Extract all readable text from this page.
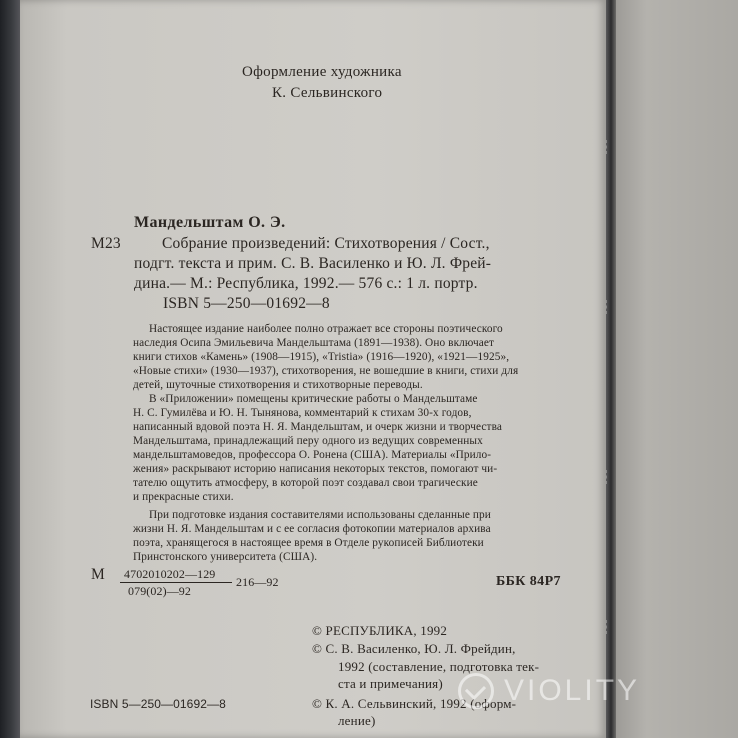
Оформление художника
К. Сельвинского
Мандельштам О. Э.
М23	Собрание произведений: Стихотворения / Сост.,
подгт. текста и прим. С. В. Василенко и Ю. Л. Фрей-
дина.— М.: Республика, 1992.— 576 с.: 1 л. портр.
ISBN 5—250—01692—8
Настоящее издание наиболее полно отражает все стороны поэтического
наследия Осипа Эмильевича Мандельштама (1891—1938). Оно включает
книги стихов «Камень» (1908—1915), «Tristia» (1916—1920), «1921—1925»,
«Новые стихи» (1930—1937), стихотворения, не вошедшие в книги, стихи для
детей, шуточные стихотворения и стихотворные переводы.
В «Приложении» помещены критические работы о Мандельштаме
Н. С. Гумилёва и Ю. Н. Тынянова, комментарий к стихам 30-х годов,
написанный вдовой поэта Н. Я. Мандельштам, и очерк жизни и творчества
Мандельштама, принадлежащий перу одного из ведущих современных
мандельштамоведов, профессора О. Ронена (США). Материалы «Прило-
жения» раскрывают историю написания некоторых текстов, помогают чи-
тателю ощутить атмосферу, в которой поэт создавал свои трагические
и прекрасные стихи.
При подготовке издания составителями использованы сделанные при
жизни Н. Я. Мандельштам и с ее согласия фотокопии материалов архива
поэта, хранящегося в настоящее время в Отделе рукописей Библиотеки
Принстонского университета (США).
М 4702010202—129
079(02)—92
216—92	ББК 84Р7
© РЕСПУБЛИКА, 1992
© С. В. Василенко, Ю. Л. Фрейдин,
1992 (составление, подготовка тек-
ста и примечания)
© К. А. Сельвинский, 1992 (оформ-
ление)
ISBN 5—250—01692—8	VIOLITY
